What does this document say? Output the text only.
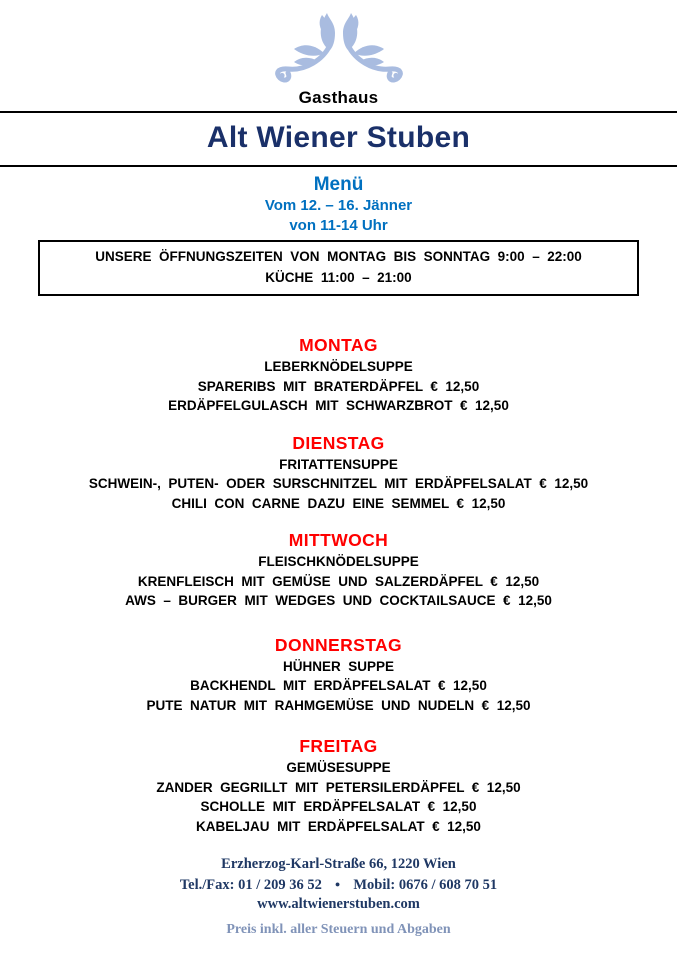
Gasthaus
Alt Wiener Stuben
Menü
Vom 12. – 16. Jänner
von 11-14 Uhr
UNSERE ÖFFNUNGSZEITEN VON MONTAG BIS SONNTAG 9:00 – 22:00
KÜCHE 11:00 – 21:00
MONTAG

LEBERKNÖDELSUPPE

SPARERIBS MIT BRATERDÄPFEL € 12,50

ERDÄPFELGULASCH MIT SCHWARZBROT € 12,50

DIENSTAG

FRITATTENSUPPE

SCHWEIN-, PUTEN- ODER SURSCHNITZEL MIT ERDÄPFELSALAT € 12,50

CHILI CON CARNE DAZU EINE SEMMEL € 12,50

MITTWOCH

FLEISCHKNÖDELSUPPE

KRENFLEISCH MIT GEMÜSE UND SALZERDÄPFEL € 12,50

AWS – BURGER MIT WEDGES UND COCKTAILSAUCE € 12,50

DONNERSTAG

HÜHNER SUPPE

BACKHENDL MIT ERDÄPFELSALAT € 12,50

PUTE NATUR MIT RAHMGEMÜSE UND NUDELN € 12,50

FREITAG

GEMÜSESUPPE

ZANDER GEGRILLT MIT PETERSILERDÄPFEL € 12,50

SCHOLLE MIT ERDÄPFELSALAT € 12,50

KABELJAU MIT ERDÄPFELSALAT € 12,50

Erzherzog-Karl-Straße 66, 1220 Wien
Tel./Fax: 01 / 209 36 52 ● Mobil: 0676 / 608 70 51
www.altwienerstuben.com
Preis inkl. aller Steuern und Abgaben
